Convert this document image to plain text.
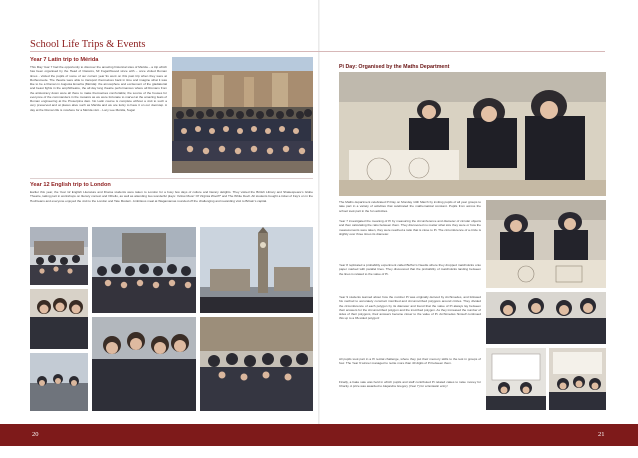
School Life Trips & Events
Year 7 Latin trip to Mérida
This May Year 7 had the opportunity to discover the amazing historical sites of Mérida – a trip which has been organised by the Head of Classics, Mr Fogarthwood since with – once visited Roman times - visited the pupils of some of our current year 9s went on this past trip when they were at Rothesmede. The theatre were able to transport themselves back in time and imagine what it was like to be a Roman in Augusta Emerita (Mérida): the atmosphere and excitement of the gladiatorial and beast fights in the amphitheatre, the all day long theatre performances where all Romans from the aristocracy down were all there to make themselves comfortable; the source of the houses for everyone of the commanders in the mosaics as we were fortunate to marvel at the amazing feats of Roman engineering at the Proserpina dam. No Latin course is complete without a visit to such a very preserved and at places alive such as Mérida and we are lucky to have it on our doorstep. A day at the Roman life is nowhere for a Mérida visit. - Lucy Lee Mérida, Sugar
Year 12 English trip to London
Earlier this year, the Year 12 English Literature and Drama students were taken to London for a busy few days of culture and literary delights. They visited the British Library and Shakespeare’s Globe Theatre, taking part in workshops on literary context and Othello, as well as attending two wonderful plays: Yellow Moon’ Of Virginia Woolf?’ and The White Devil. All students bought a ticket of Fay’s on in the Hoxhteans and everyone enjoyed the visit to the London and Tate Modern. Ambitious meal at Wagamamas rounded off the challenging and rewarding visit to Britain’s capital.
Pi Day: Organised by the Maths Department
The Maths department celebrated Pi Day on Monday 14th March by inviting pupils of all year groups to take part in a variety of activities that celebrated the mathematical constant. Pupils from across the school took part in the fun activities.
Year 7 investigated the meaning of Pi by measuring the circumference and diameter of circular objects and then calculating the ratio between them. They discovered no matter what size they were or how the measurements were taken, they were reached a ratio that is close to Pi. The circumference of a circle is slightly over three times its diameter.
Year 8 replicated a probability experiment called Buffon’s Needle where they dropped matchsticks onto paper marked with parallel lines. They discovered that the probability of matchsticks landing between the lines is related to the value of Pi.
Year 9 students learned about how the number Pi was originally derived by Archimedes, and followed his method to accurately construct inscribed and circumscribed polygons around circles. They divided the circumference of each polygon by its diameter and found that the value of Pi always lay between their answers for the circumscribed polygon and the inscribed polygon. As they increased the number of sides of their polygons, their answers became closer to the value of Pi. Archimedes himself continued this up to a 96-sided polygon!
All pupils took part in a Pi recital challenge, where they put their memory skills to the test in groups of four. The Year 9 winner managed to recite more than 40 digits of Pi between them.
Finally, a bake sale was held in which pupils and staff contributed Pi related cakes to raise money for Charity. A prize was awarded to Alejandra Gregory (Year 7) for a fantastic entry!
20	21
